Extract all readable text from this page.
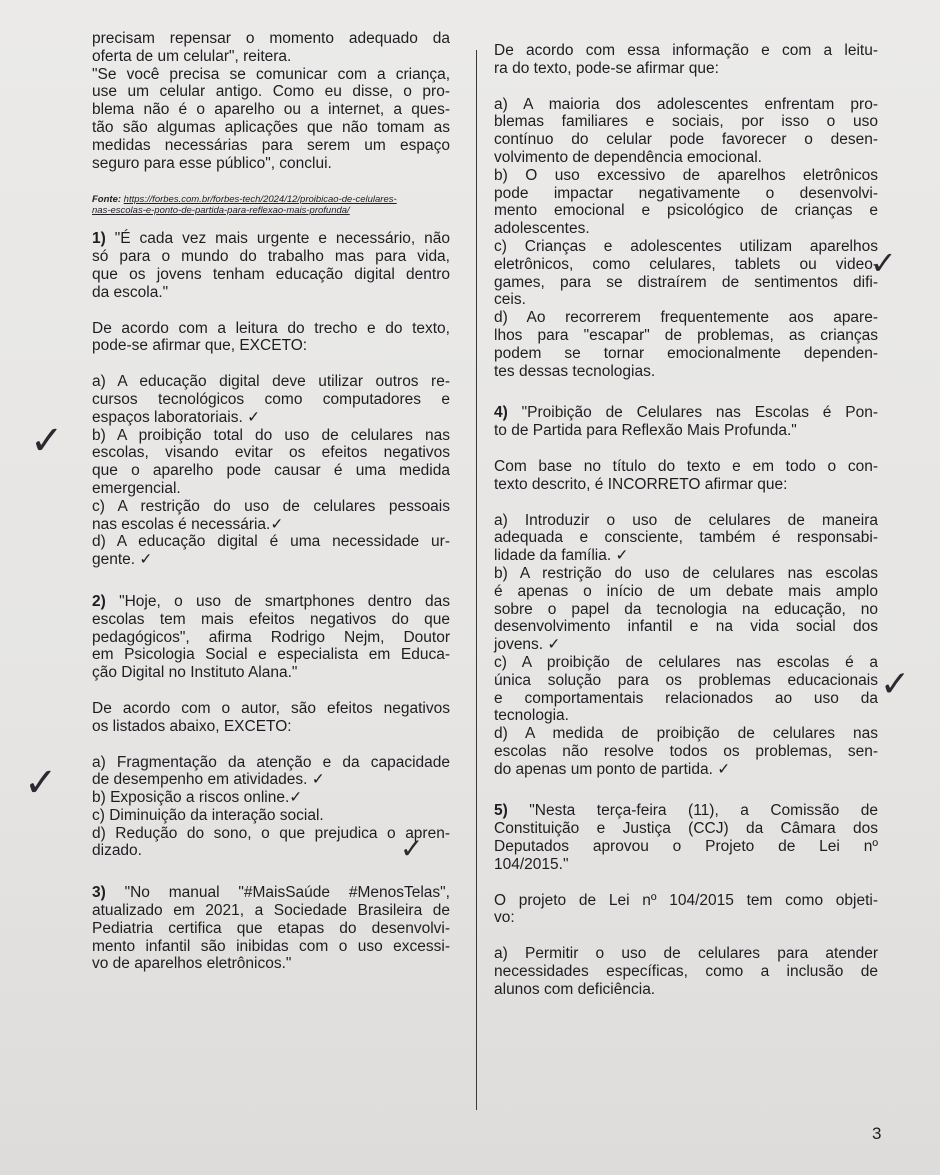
precisam repensar o momento adequado da
oferta de um celular", reitera.
"Se você precisa se comunicar com a criança,
use um celular antigo. Como eu disse, o pro-
blema não é o aparelho ou a internet, a ques-
tão são algumas aplicações que não tomam as
medidas necessárias para serem um espaço
seguro para esse público", conclui.
Fonte: https://forbes.com.br/forbes-tech/2024/12/proibicao-de-celulares-
nas-escolas-e-ponto-de-partida-para-reflexao-mais-profunda/
1) "É cada vez mais urgente e necessário, não
só para o mundo do trabalho mas para vida,
que os jovens tenham educação digital dentro
da escola."
De acordo com a leitura do trecho e do texto,
pode-se afirmar que, EXCETO:
a) A educação digital deve utilizar outros re-
cursos tecnológicos como computadores e
espaços laboratoriais. ✓
b) A proibição total do uso de celulares nas
escolas, visando evitar os efeitos negativos
que o aparelho pode causar é uma medida
emergencial.
c) A restrição do uso de celulares pessoais
nas escolas é necessária.✓
d) A educação digital é uma necessidade ur-
gente. ✓
2) "Hoje, o uso de smartphones dentro das
escolas tem mais efeitos negativos do que
pedagógicos", afirma Rodrigo Nejm, Doutor
em Psicologia Social e especialista em Educa-
ção Digital no Instituto Alana."
De acordo com o autor, são efeitos negativos
os listados abaixo, EXCETO:
a) Fragmentação da atenção e da capacidade
de desempenho em atividades. ✓
b) Exposição a riscos online.✓
c) Diminuição da interação social.
d) Redução do sono, o que prejudica o apren-
dizado.
3) "No manual "#MaisSaúde #MenosTelas",
atualizado em 2021, a Sociedade Brasileira de
Pediatria certifica que etapas do desenvolvi-
mento infantil são inibidas com o uso excessi-
vo de aparelhos eletrônicos."
De acordo com essa informação e com a leitu-
ra do texto, pode-se afirmar que:
a) A maioria dos adolescentes enfrentam pro-
blemas familiares e sociais, por isso o uso
contínuo do celular pode favorecer o desen-
volvimento de dependência emocional.
b) O uso excessivo de aparelhos eletrônicos
pode impactar negativamente o desenvolvi-
mento emocional e psicológico de crianças e
adolescentes.
c) Crianças e adolescentes utilizam aparelhos
eletrônicos, como celulares, tablets ou video-
games, para se distraírem de sentimentos difi-
ceis.
d) Ao recorrerem frequentemente aos apare-
lhos para "escapar" de problemas, as crianças
podem se tornar emocionalmente dependen-
tes dessas tecnologias.
4) "Proibição de Celulares nas Escolas é Pon-
to de Partida para Reflexão Mais Profunda."
Com base no título do texto e em todo o con-
texto descrito, é INCORRETO afirmar que:
a) Introduzir o uso de celulares de maneira
adequada e consciente, também é responsabi-
lidade da família. ✓
b) A restrição do uso de celulares nas escolas
é apenas o início de um debate mais amplo
sobre o papel da tecnologia na educação, no
desenvolvimento infantil e na vida social dos
jovens. ✓
c) A proibição de celulares nas escolas é a
única solução para os problemas educacionais
e comportamentais relacionados ao uso da
tecnologia.
d) A medida de proibição de celulares nas
escolas não resolve todos os problemas, sen-
do apenas um ponto de partida. ✓
5) "Nesta terça-feira (11), a Comissão de
Constituição e Justiça (CCJ) da Câmara dos
Deputados aprovou o Projeto de Lei nº
104/2015."
O projeto de Lei nº 104/2015 tem como objeti-
vo:
a) Permitir o uso de celulares para atender
necessidades específicas, como a inclusão de
alunos com deficiência.
✓
✓
✓
✓
✓
3
